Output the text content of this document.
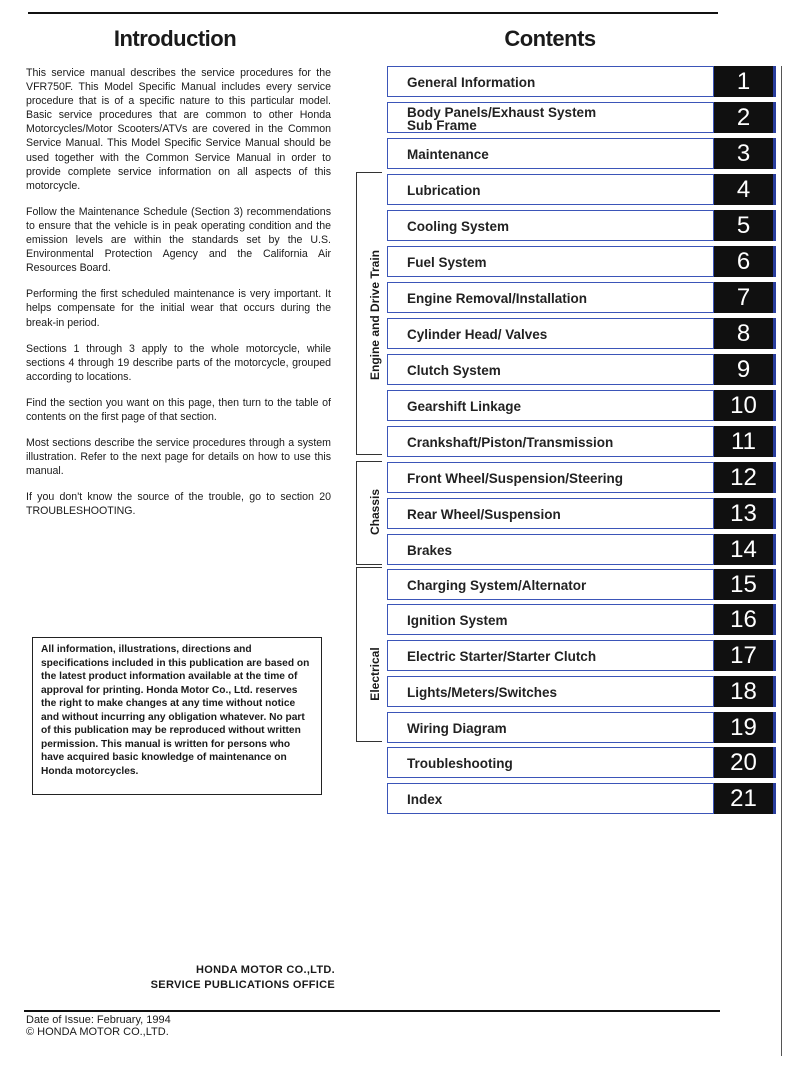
Introduction	Contents

This service manual describes the service procedures for the VFR750F. This Model Specific Manual includes every service procedure that is of a specific nature to this particular model. Basic service procedures that are common to other Honda Motorcycles/Motor Scooters/ATVs are covered in the Common Service Manual. This Model Specific Service Manual should be used together with the Common Service Manual in order to provide complete service information on all aspects of this motorcycle.

Follow the Maintenance Schedule (Section 3) recommendations to ensure that the vehicle is in peak operating condition and the emission levels are within the standards set by the U.S. Environmental Protection Agency and the California Air Resources Board.

Performing the first scheduled maintenance is very important. It helps compensate for the initial wear that occurs during the break-in period.

Sections 1 through 3 apply to the whole motorcycle, while sections 4 through 19 describe parts of the motorcycle, grouped according to locations.

Find the section you want on this page, then turn to the table of contents on the first page of that section.

Most sections describe the service procedures through a system illustration. Refer to the next page for details on how to use this manual.

If you don't know the source of the trouble, go to section 20 TROUBLESHOOTING.

All information, illustrations, directions and specifications included in this publication are based on the latest product information available at the time of approval for printing. Honda Motor Co., Ltd. reserves the right to make changes at any time without notice and without incurring any obligation whatever. No part of this publication may be reproduced without written permission. This manual is written for persons who have acquired basic knowledge of maintenance on Honda motorcycles.

HONDA MOTOR CO.,LTD.
SERVICE PUBLICATIONS OFFICE
Date of Issue: February, 1994
© HONDA MOTOR CO.,LTD.
Engine and Drive Train
Chassis
Electrical
General Information	1
Body Panels/Exhaust System
Sub Frame	2
Maintenance	3
Lubrication	4
Cooling System	5
Fuel System	6
Engine Removal/Installation	7
Cylinder Head/ Valves	8
Clutch System	9
Gearshift Linkage	10
Crankshaft/Piston/Transmission	11
Front Wheel/Suspension/Steering	12
Rear Wheel/Suspension	13
Brakes	14
Charging System/Alternator	15
Ignition System	16
Electric Starter/Starter Clutch	17
Lights/Meters/Switches	18
Wiring Diagram	19
Troubleshooting	20
Index	21
